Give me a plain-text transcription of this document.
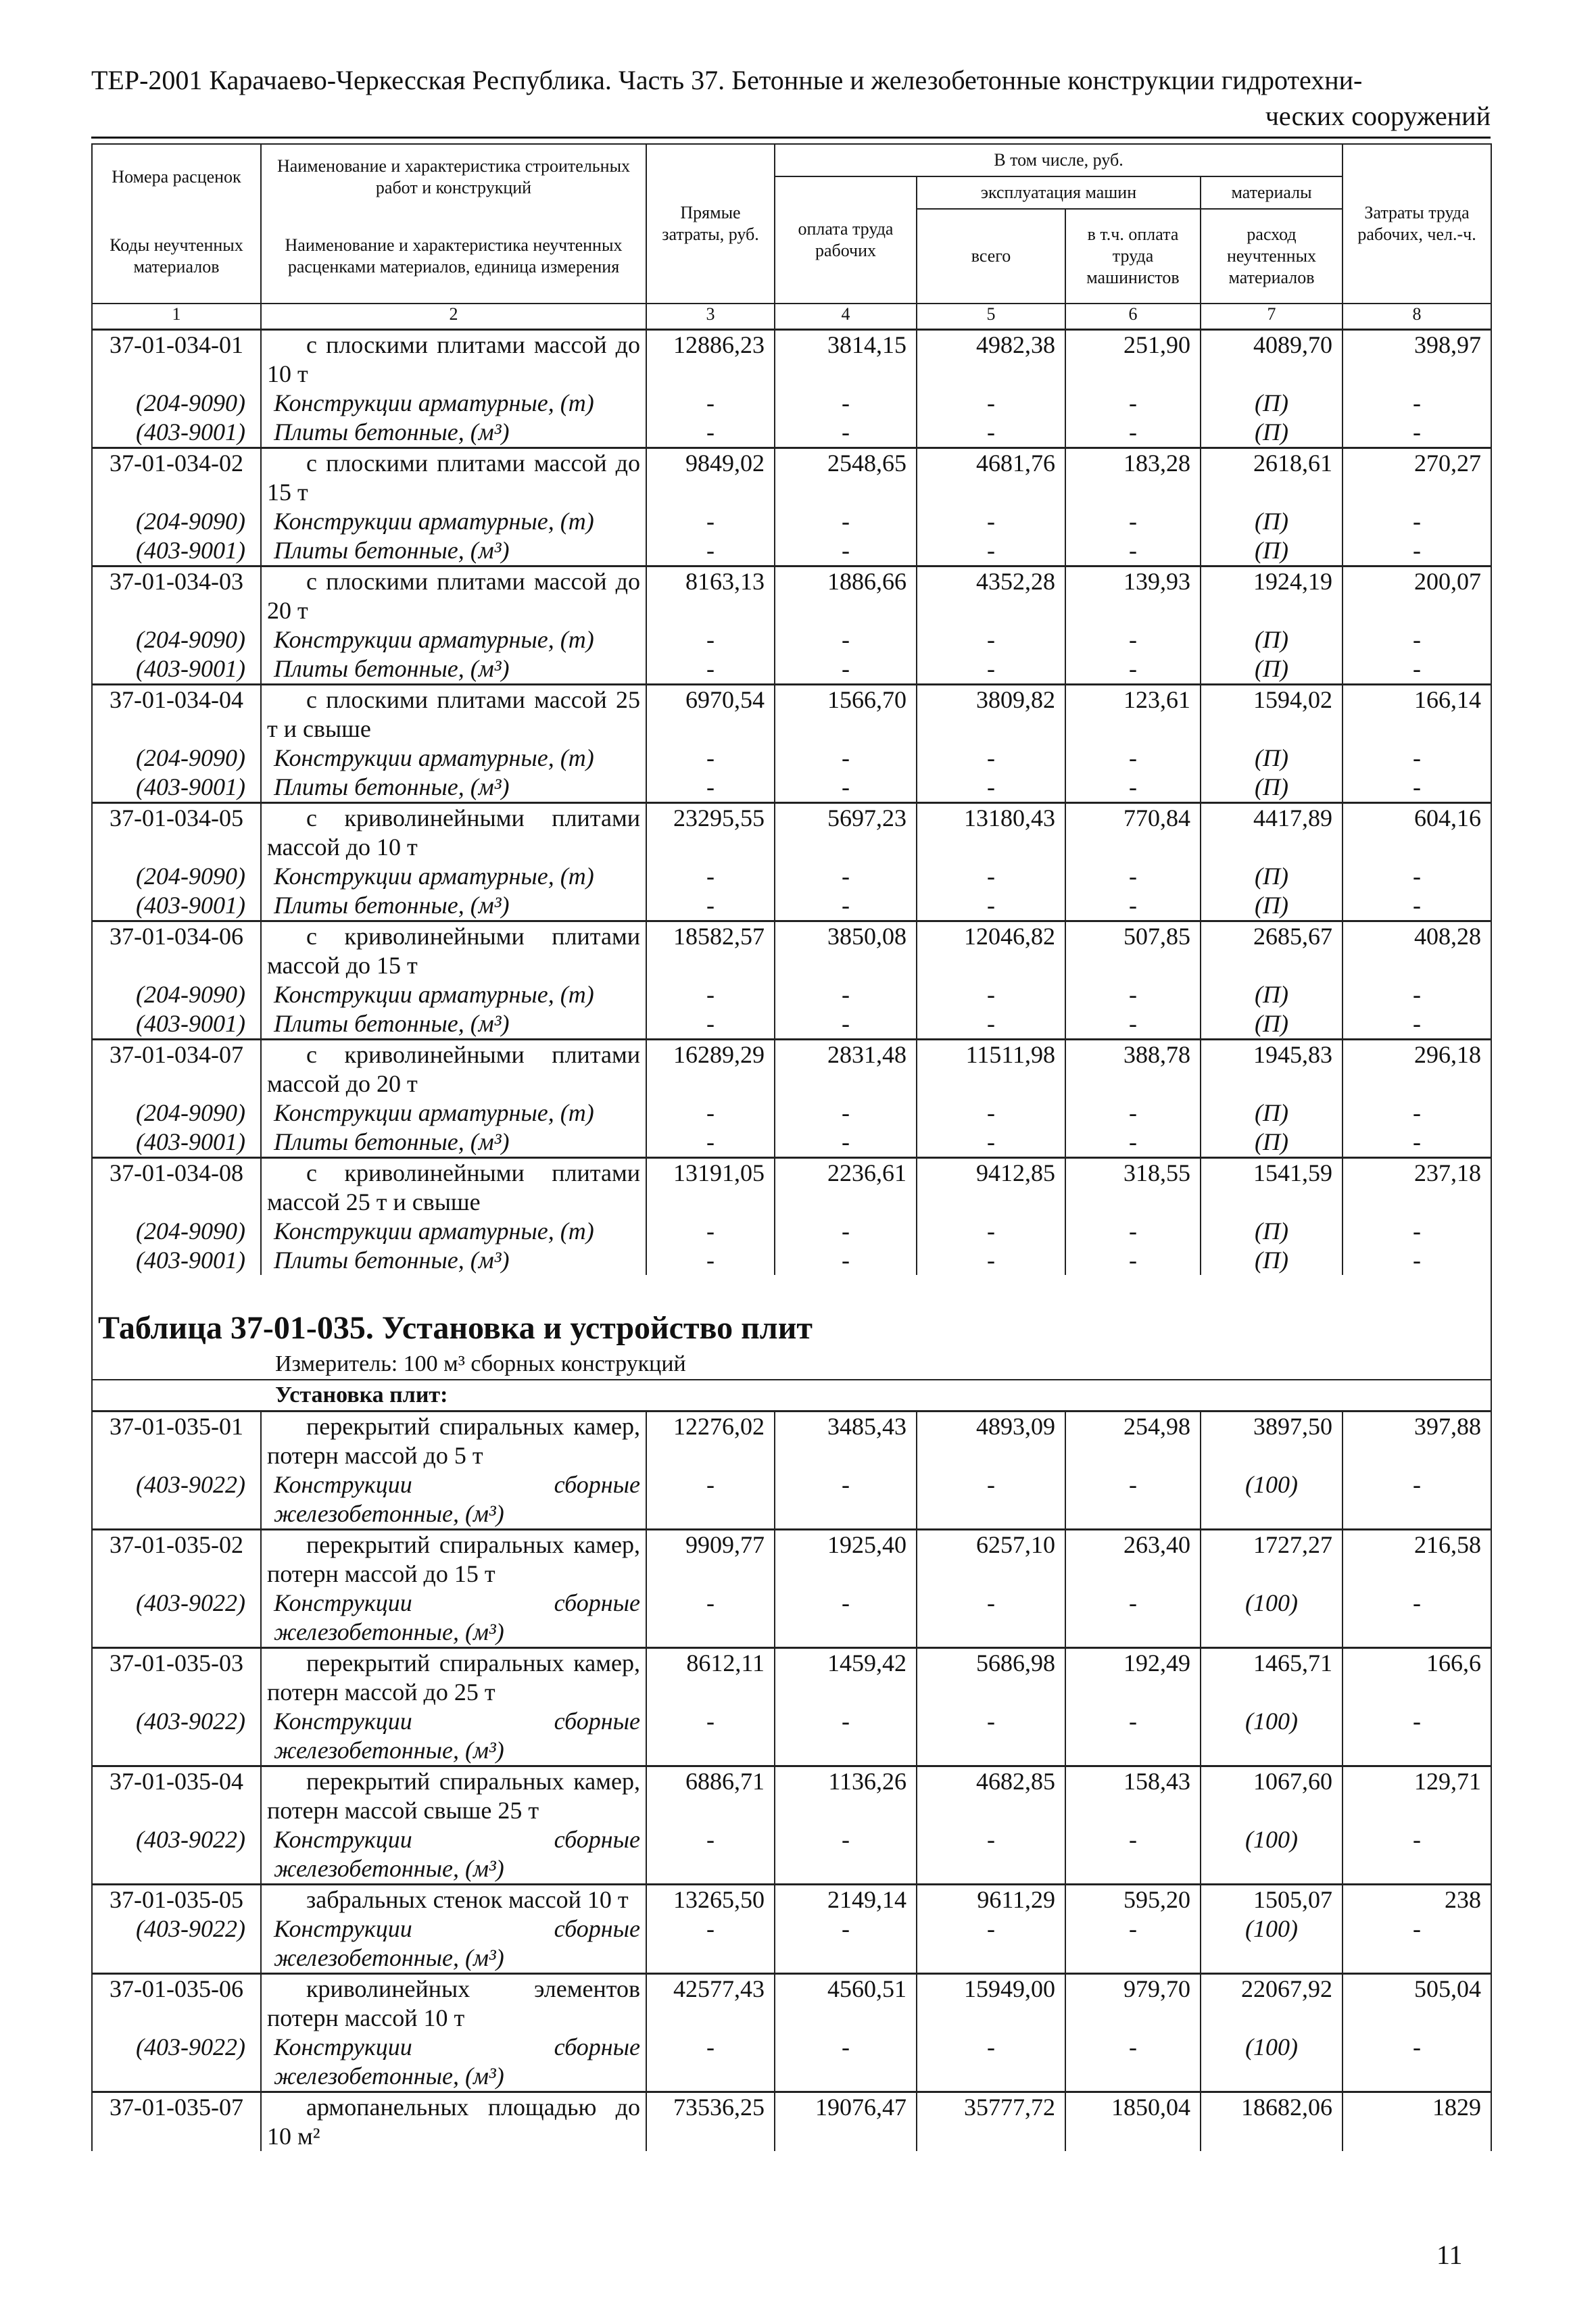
ТЕР-2001 Карачаево-Черкесская Республика. Часть 37. Бетонные и железобетонные конструкции гидротехни-
ческих сооружений
Номера расценок	Наименование и характеристика строительных работ и конструкций	Прямые затраты, руб.	В том числе, руб.				Затраты труда рабочих, чел.-ч.
			оплата труда рабочих	эксплуатация машин		материалы	
Коды неучтенных материалов	Наименование и характеристика неучтенных расценками материалов, единица измерения			всего	в т.ч. оплата труда машинистов	расход неучтенных материалов	

1	2	3	4	5	6	7	8
37-01-034-01	с плоскими плитами массой до 10 т	12886,23	3814,15	4982,38	251,90	4089,70	398,97
(204-9090)	Конструкции арматурные, (т)	-	-	-	-	(П)	-
(403-9001)	Плиты бетонные, (м³)	-	-	-	-	(П)	-
37-01-034-02	с плоскими плитами массой до 15 т	9849,02	2548,65	4681,76	183,28	2618,61	270,27
(204-9090)	Конструкции арматурные, (т)	-	-	-	-	(П)	-
(403-9001)	Плиты бетонные, (м³)	-	-	-	-	(П)	-
37-01-034-03	с плоскими плитами массой до 20 т	8163,13	1886,66	4352,28	139,93	1924,19	200,07
(204-9090)	Конструкции арматурные, (т)	-	-	-	-	(П)	-
(403-9001)	Плиты бетонные, (м³)	-	-	-	-	(П)	-
37-01-034-04	с плоскими плитами массой 25 т и свыше	6970,54	1566,70	3809,82	123,61	1594,02	166,14
(204-9090)	Конструкции арматурные, (т)	-	-	-	-	(П)	-
(403-9001)	Плиты бетонные, (м³)	-	-	-	-	(П)	-
37-01-034-05	с криволинейными плитами массой до 10 т	23295,55	5697,23	13180,43	770,84	4417,89	604,16
(204-9090)	Конструкции арматурные, (т)	-	-	-	-	(П)	-
(403-9001)	Плиты бетонные, (м³)	-	-	-	-	(П)	-
37-01-034-06	с криволинейными плитами массой до 15 т	18582,57	3850,08	12046,82	507,85	2685,67	408,28
(204-9090)	Конструкции арматурные, (т)	-	-	-	-	(П)	-
(403-9001)	Плиты бетонные, (м³)	-	-	-	-	(П)	-
37-01-034-07	с криволинейными плитами массой до 20 т	16289,29	2831,48	11511,98	388,78	1945,83	296,18
(204-9090)	Конструкции арматурные, (т)	-	-	-	-	(П)	-
(403-9001)	Плиты бетонные, (м³)	-	-	-	-	(П)	-
37-01-034-08	с криволинейными плитами массой 25 т и свыше	13191,05	2236,61	9412,85	318,55	1541,59	237,18
(204-9090)	Конструкции арматурные, (т)	-	-	-	-	(П)	-
(403-9001)	Плиты бетонные, (м³)	-	-	-	-	(П)	-

Таблица 37-01-035. Установка и устройство плит							

Измеритель: 100 м³ сборных конструкций							

Установка плит:							

37-01-035-01	перекрытий спиральных камер, потерн массой до 5 т	12276,02	3485,43	4893,09	254,98	3897,50	397,88
(403-9022)	Конструкции сборные железобетонные, (м³)	-	-	-	-	(100)	-
37-01-035-02	перекрытий спиральных камер, потерн массой до 15 т	9909,77	1925,40	6257,10	263,40	1727,27	216,58
(403-9022)	Конструкции сборные железобетонные, (м³)	-	-	-	-	(100)	-
37-01-035-03	перекрытий спиральных камер, потерн массой до 25 т	8612,11	1459,42	5686,98	192,49	1465,71	166,6
(403-9022)	Конструкции сборные железобетонные, (м³)	-	-	-	-	(100)	-
37-01-035-04	перекрытий спиральных камер, потерн массой свыше 25 т	6886,71	1136,26	4682,85	158,43	1067,60	129,71
(403-9022)	Конструкции сборные железобетонные, (м³)	-	-	-	-	(100)	-
37-01-035-05	забральных стенок массой 10 т	13265,50	2149,14	9611,29	595,20	1505,07	238
(403-9022)	Конструкции сборные железобетонные, (м³)	-	-	-	-	(100)	-
37-01-035-06	криволинейных элементов потерн массой 10 т	42577,43	4560,51	15949,00	979,70	22067,92	505,04
(403-9022)	Конструкции сборные железобетонные, (м³)	-	-	-	-	(100)	-
37-01-035-07	армопанельных площадью до 10 м²	73536,25	19076,47	35777,72	1850,04	18682,06	1829
11
